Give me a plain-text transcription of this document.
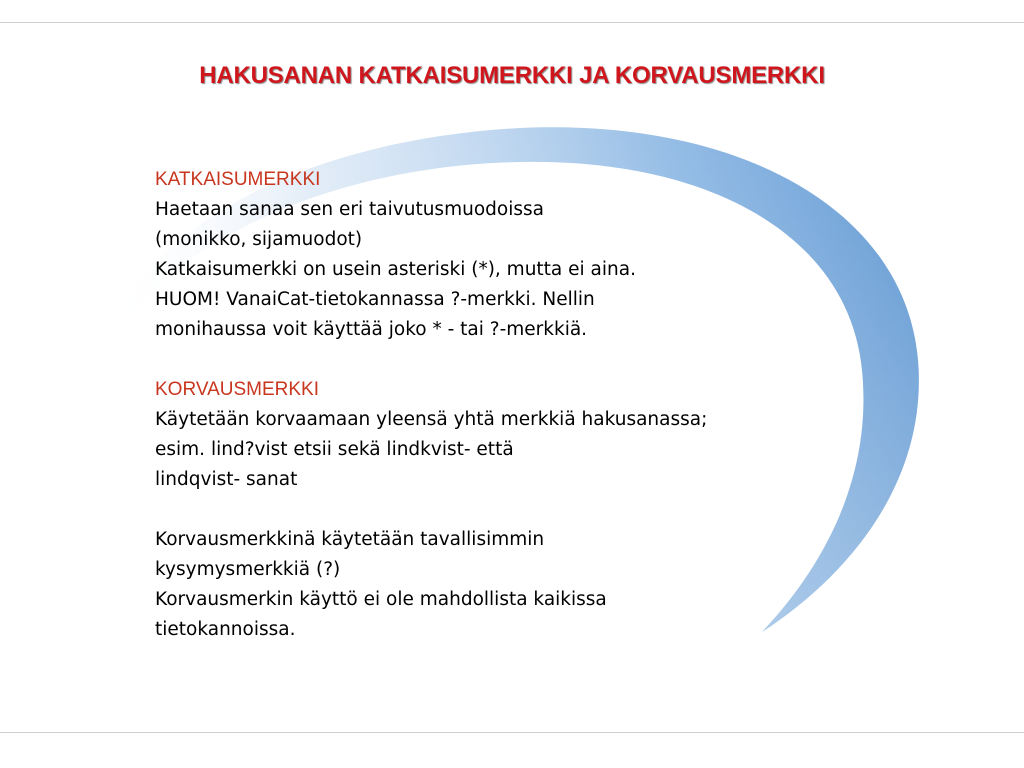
HAKUSANAN KATKAISUMERKKI JA KORVAUSMERKKI
KATKAISUMERKKI
Haetaan sanaa sen eri taivutusmuodoissa
(monikko, sijamuodot)
Katkaisumerkki on usein asteriski (*), mutta ei aina.
HUOM! VanaiCat-tietokannassa ?-merkki. Nellin
monihaussa voit käyttää joko * - tai ?-merkkiä.
KORVAUSMERKKI
Käytetään korvaamaan yleensä yhtä merkkiä hakusanassa;
esim. lind?vist etsii sekä lindkvist- että
lindqvist- sanat
Korvausmerkkinä käytetään tavallisimmin
kysymysmerkkiä (?)
Korvausmerkin käyttö ei ole mahdollista kaikissa
tietokannoissa.
